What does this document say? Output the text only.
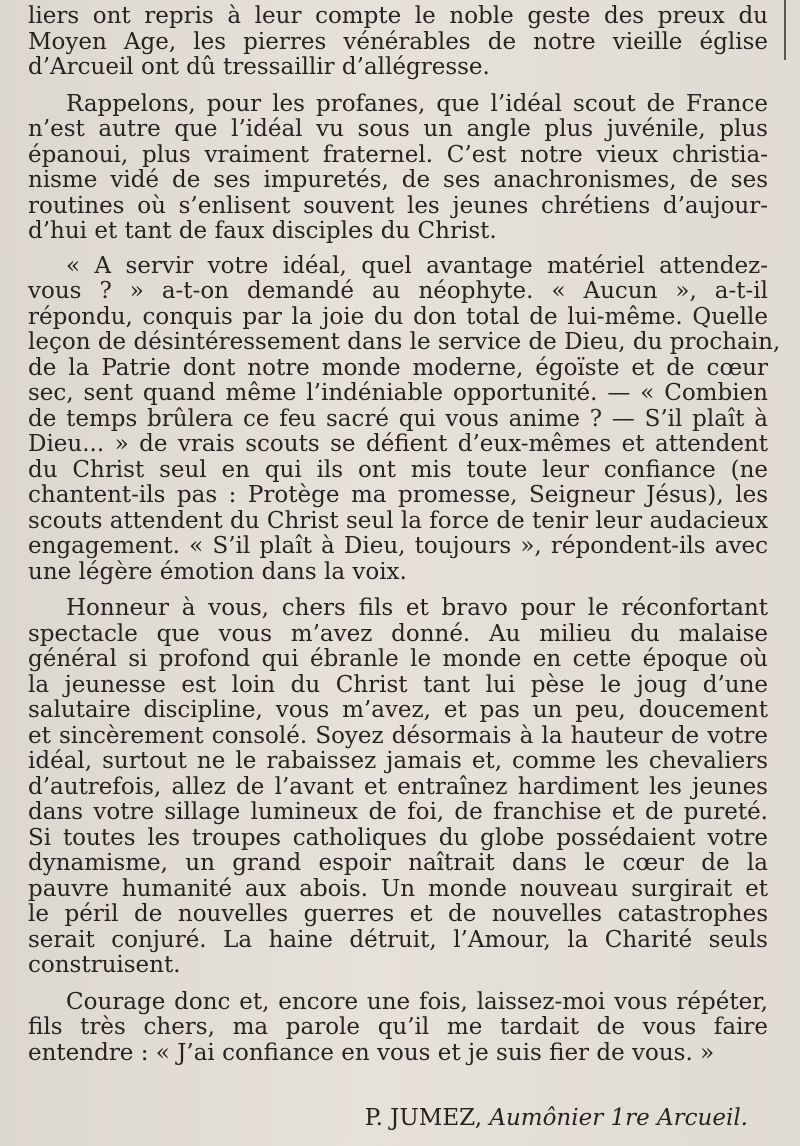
liers ont repris à leur compte le noble geste des preux du
Moyen Age, les pierres vénérables de notre vieille église
d’Arcueil ont dû tressaillir d’allégresse.
Rappelons, pour les profanes, que l’idéal scout de France
n’est autre que l’idéal vu sous un angle plus juvénile, plus
épanoui, plus vraiment fraternel. C’est notre vieux christia-
nisme vidé de ses impuretés, de ses anachronismes, de ses
routines où s’enlisent souvent les jeunes chrétiens d’aujour-
d’hui et tant de faux disciples du Christ.
« A servir votre idéal, quel avantage matériel attendez-
vous ? » a-t-on demandé au néophyte. « Aucun », a-t-il
répondu, conquis par la joie du don total de lui-même. Quelle
leçon de désintéressement dans le service de Dieu, du prochain,
de la Patrie dont notre monde moderne, égoïste et de cœur
sec, sent quand même l’indéniable opportunité. — « Combien
de temps brûlera ce feu sacré qui vous anime ? — S’il plaît à
Dieu... » de vrais scouts se défient d’eux-mêmes et attendent
du Christ seul en qui ils ont mis toute leur confiance (ne
chantent-ils pas : Protège ma promesse, Seigneur Jésus), les
scouts attendent du Christ seul la force de tenir leur audacieux
engagement. « S’il plaît à Dieu, toujours », répondent-ils avec
une légère émotion dans la voix.
Honneur à vous, chers fils et bravo pour le réconfortant
spectacle que vous m’avez donné. Au milieu du malaise
général si profond qui ébranle le monde en cette époque où
la jeunesse est loin du Christ tant lui pèse le joug d’une
salutaire discipline, vous m’avez, et pas un peu, doucement
et sincèrement consolé. Soyez désormais à la hauteur de votre
idéal, surtout ne le rabaissez jamais et, comme les chevaliers
d’autrefois, allez de l’avant et entraînez hardiment les jeunes
dans votre sillage lumineux de foi, de franchise et de pureté.
Si toutes les troupes catholiques du globe possédaient votre
dynamisme, un grand espoir naîtrait dans le cœur de la
pauvre humanité aux abois. Un monde nouveau surgirait et
le péril de nouvelles guerres et de nouvelles catastrophes
serait conjuré. La haine détruit, l’Amour, la Charité seuls
construisent.
Courage donc et, encore une fois, laissez-moi vous répéter,
fils très chers, ma parole qu’il me tardait de vous faire
entendre : « J’ai confiance en vous et je suis fier de vous. »
P. JUMEZ, Aumônier 1re Arcueil.
